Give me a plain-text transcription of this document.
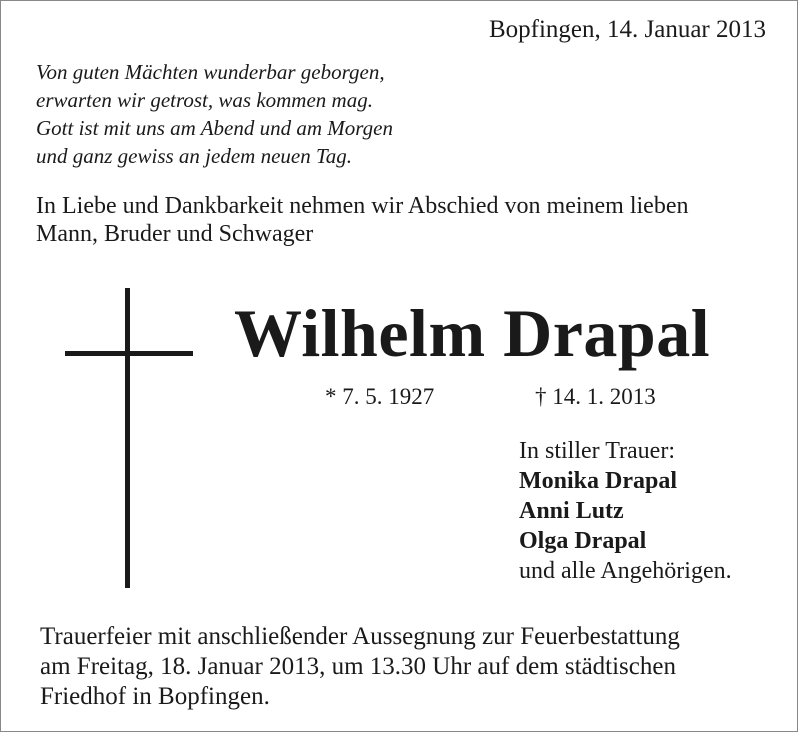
Bopfingen, 14. Januar 2013
Von guten Mächten wunderbar geborgen,
erwarten wir getrost, was kommen mag.
Gott ist mit uns am Abend und am Morgen
und ganz gewiss an jedem neuen Tag.
In Liebe und Dankbarkeit nehmen wir Abschied von meinem lieben
Mann, Bruder und Schwager
Wilhelm Drapal
* 7. 5. 1927	† 14. 1. 2013
In stiller Trauer:
Monika Drapal
Anni Lutz
Olga Drapal
und alle Angehörigen.
Trauerfeier mit anschließender Aussegnung zur Feuerbestattung
am Freitag, 18. Januar 2013, um 13.30 Uhr auf dem städtischen
Friedhof in Bopfingen.
